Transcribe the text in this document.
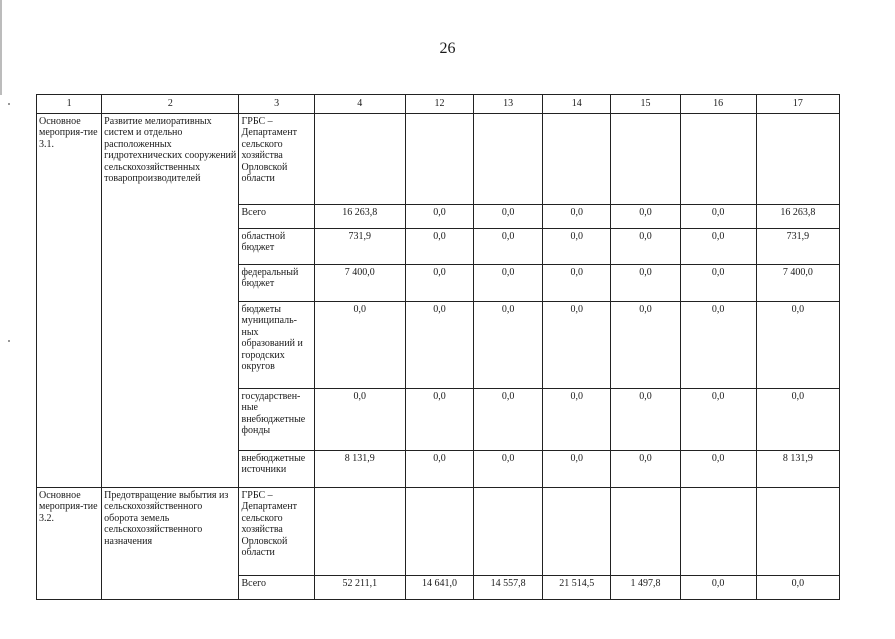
26
1	2	3	4	12	13	14	15	16	17
Основное мероприя-тие 3.1.	Развитие мелиоративных систем и отдельно расположенных гидротехнических сооружений сельскохозяйственных товаропроизводителей	ГРБС – Департамент сельского хозяйства Орловской области							
		Всего	16 263,8	0,0	0,0	0,0	0,0	0,0	16 263,8
		областной бюджет	731,9	0,0	0,0	0,0	0,0	0,0	731,9
		федеральный бюджет	7 400,0	0,0	0,0	0,0	0,0	0,0	7 400,0
		бюджеты муниципаль-ных образований и городских округов	0,0	0,0	0,0	0,0	0,0	0,0	0,0
		государствен-ные внебюджетные фонды	0,0	0,0	0,0	0,0	0,0	0,0	0,0
		внебюджетные источники	8 131,9	0,0	0,0	0,0	0,0	0,0	8 131,9
Основное мероприя-тие 3.2.	Предотвращение выбытия из сельскохозяйственного оборота земель сельскохозяйственного назначения	ГРБС – Департамент сельского хозяйства Орловской области							
		Всего	52 211,1	14 641,0	14 557,8	21 514,5	1 497,8	0,0	0,0
